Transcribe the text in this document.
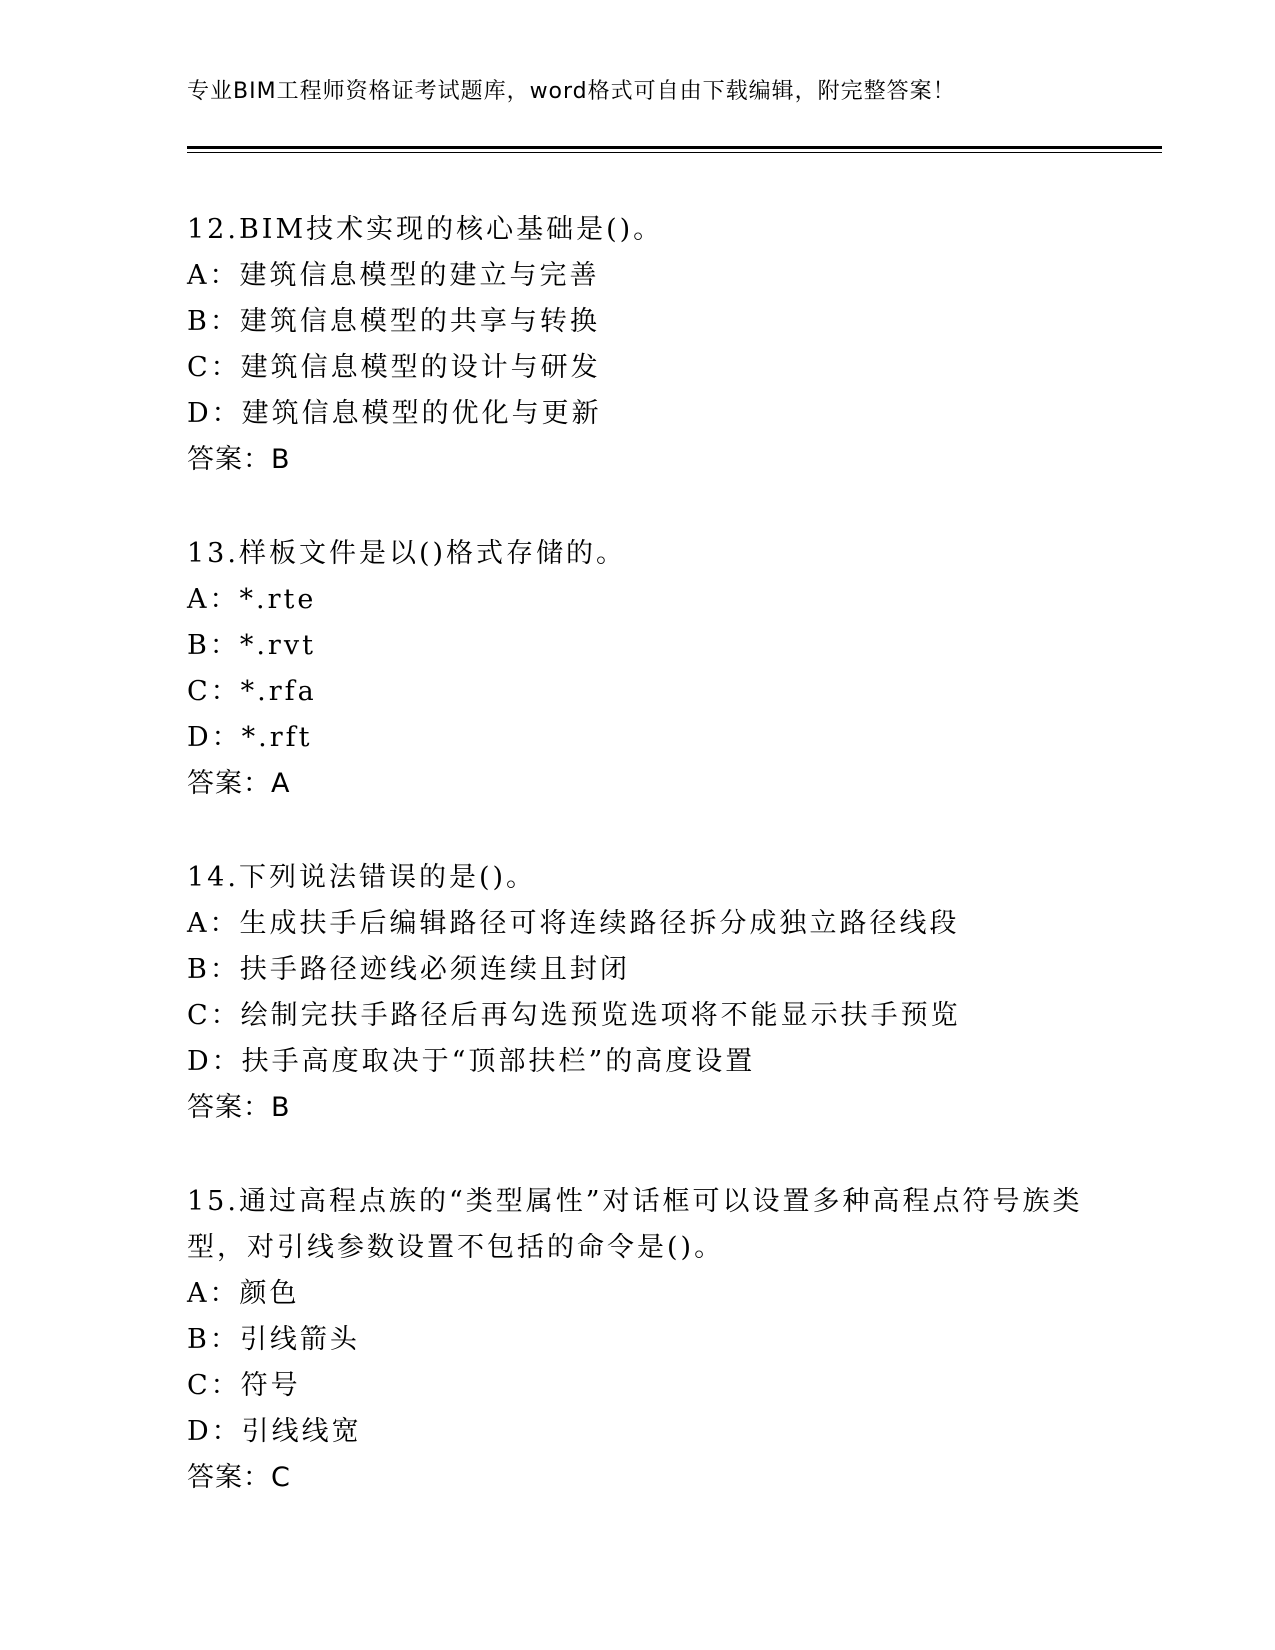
专业BIM工程师资格证考试题库，word格式可自由下载编辑，附完整答案！
12.BIM技术实现的核心基础是()。
A：建筑信息模型的建立与完善
B：建筑信息模型的共享与转换
C：建筑信息模型的设计与研发
D：建筑信息模型的优化与更新
答案：B
13.样板文件是以()格式存储的。
A：*.rte
B：*.rvt
C：*.rfa
D：*.rft
答案：A
14.下列说法错误的是()。
A：生成扶手后编辑路径可将连续路径拆分成独立路径线段
B：扶手路径迹线必须连续且封闭
C：绘制完扶手路径后再勾选预览选项将不能显示扶手预览
D：扶手高度取决于“顶部扶栏”的高度设置
答案：B
15.通过高程点族的“类型属性”对话框可以设置多种高程点符号族类型，对引线参数设置不包括的命令是()。
A：颜色
B：引线箭头
C：符号
D：引线线宽
答案：C
